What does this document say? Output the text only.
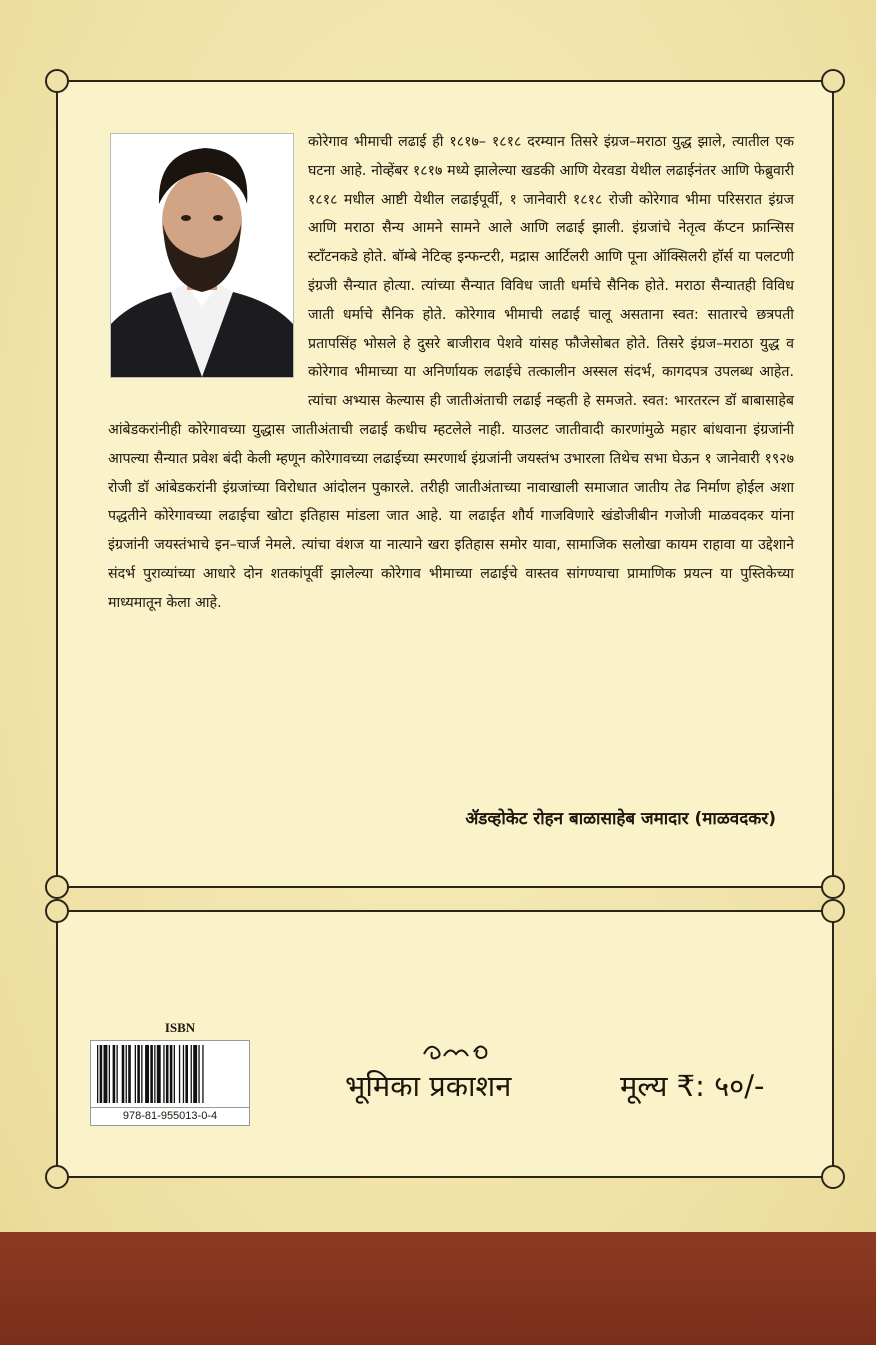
कोरेगाव भीमाची लढाई ही १८१७– १८१८ दरम्यान तिसरे इंग्रज–मराठा युद्ध झाले, त्यातील एक घटना आहे. नोव्हेंबर १८१७ मध्ये झालेल्या खडकी आणि येरवडा येथील लढाईनंतर आणि फेब्रुवारी १८१८ मधील आष्टी येथील लढाईपूर्वी, १ जानेवारी १८१८ रोजी कोरेगाव भीमा परिसरात इंग्रज आणि मराठा सैन्य आमने सामने आले आणि लढाई झाली. इंग्रजांचे नेतृत्व कॅप्टन फ्रान्सिस स्टॉंटनकडे होते. बॉम्बे नेटिव्ह इन्फन्टरी, मद्रास आर्टिलरी आणि पूना ऑक्सिलरी हॉर्स या पलटणी इंग्रजी सैन्यात होत्या. त्यांच्या सैन्यात विविध जाती धर्माचे सैनिक होते. मराठा सैन्यातही विविध जाती धर्माचे सैनिक होते. कोरेगाव भीमाची लढाई चालू असताना स्वत: सातारचे छत्रपती प्रतापसिंह भोसले हे दुसरे बाजीराव पेशवे यांसह फौजेसोबत होते. तिसरे इंग्रज–मराठा युद्ध व कोरेगाव भीमाच्या या अनिर्णायक लढाईचे तत्कालीन अस्सल संदर्भ, कागदपत्र उपलब्ध आहेत. त्यांचा अभ्यास केल्यास ही जातीअंताची लढाई नव्हती हे समजते. स्वत: भारतरत्न डॉ बाबासाहेब आंबेडकरांनीही कोरेगावच्या युद्धास जातीअंताची लढाई कधीच म्हटलेले नाही. याउलट जातीवादी कारणांमुळे महार बांधवाना इंग्रजांनी आपल्या सैन्यात प्रवेश बंदी केली म्हणून कोरेगावच्या लढाईच्या स्मरणार्थ इंग्रजांनी जयस्तंभ उभारला तिथेच सभा घेऊन १ जानेवारी १९२७ रोजी डॉ आंबेडकरांनी इंग्रजांच्या विरोधात आंदोलन पुकारले. तरीही जातीअंताच्या नावाखाली समाजात जातीय तेढ निर्माण होईल अशा पद्धतीने कोरेगावच्या लढाईचा खोटा इतिहास मांडला जात आहे. या लढाईत शौर्य गाजविणारे खंडोजीबीन गजोजी माळवदकर यांना इंग्रजांनी जयस्तंभाचे इन–चार्ज नेमले. त्यांचा वंशज या नात्याने खरा इतिहास समोर यावा, सामाजिक सलोखा कायम राहावा या उद्देशाने संदर्भ पुराव्यांच्या आधारे दोन शतकांपूर्वी झालेल्या कोरेगाव भीमाच्या लढाईचे वास्तव सांगण्याचा प्रामाणिक प्रयत्न या पुस्तिकेच्या माध्यमातून केला आहे.
ॲडव्होकेट रोहन बाळासाहेब जमादार (माळवदकर)
ISBN
978-81-955013-0-4
भूमिका प्रकाशन	मूल्य ₹: ५०/-
